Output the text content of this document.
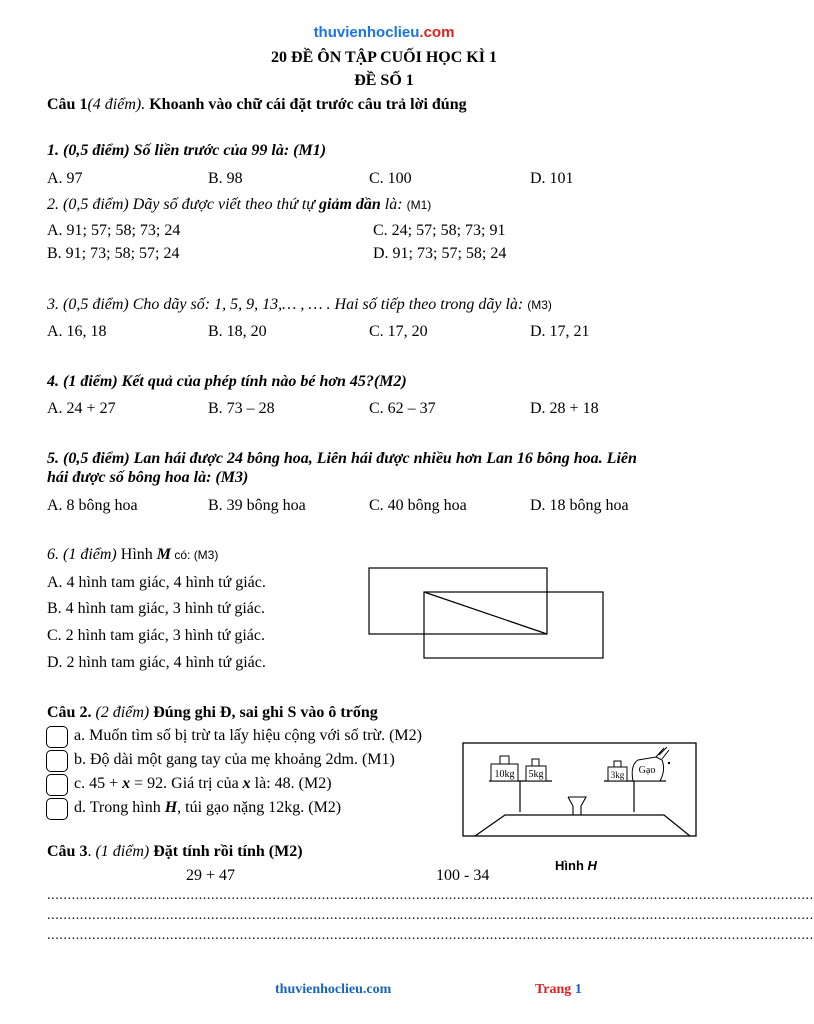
thuvienhoclieu.com
20 ĐỀ ÔN TẬP CUỐI HỌC KÌ 1
ĐỀ SỐ 1
Câu 1(4 điểm). Khoanh vào chữ cái đặt trước câu trả lời đúng
1. (0,5 điểm) Số liền trước của 99 là: (M1)
A. 97	B. 98	C. 100	D. 101
2. (0,5 điểm) Dãy số được viết theo thứ tự giảm dần là: (M1)
A. 91; 57; 58; 73; 24	C. 24; 57; 58; 73; 91
B. 91; 73; 58; 57; 24	D. 91; 73; 57; 58; 24
3. (0,5 điểm) Cho dãy số: 1, 5, 9, 13,… , … . Hai số tiếp theo trong dãy là: (M3)
A. 16, 18	B. 18, 20	C. 17, 20	D. 17, 21
4. (1 điểm) Kết quả của phép tính nào bé hơn 45?(M2)
A. 24 + 27	B. 73 – 28	C. 62 – 37	D. 28 + 18
5. (0,5 điểm) Lan hái được 24 bông hoa, Liên hái được nhiều hơn Lan 16 bông hoa. Liên
hái được số bông hoa là: (M3)
A. 8 bông hoa	B. 39 bông hoa	C. 40 bông hoa	D. 18 bông hoa
6. (1 điểm) Hình M có: (M3)
A. 4 hình tam giác, 4 hình tứ giác.
B. 4 hình tam giác, 3 hình tứ giác.
C. 2 hình tam giác, 3 hình tứ giác.
D. 2 hình tam giác, 4 hình tứ giác.
Câu 2. (2 điểm) Đúng ghi Đ, sai ghi S vào ô trống
a. Muốn tìm số bị trừ ta lấy hiệu cộng với số trừ. (M2)
b. Độ dài một gang tay của mẹ khoảng 2dm. (M1)
c. 45 + x = 92. Giá trị của x là: 48. (M2)
d. Trong hình H, túi gạo nặng 12kg. (M2)
10kg 5kg	3kg Gạo
Hình H
Câu 3. (1 điểm) Đặt tính rồi tính (M2)
29 + 47	100 - 34
...........................................................................................................................................................................................
...........................................................................................................................................................................................
...........................................................................................................................................................................................
thuvienhoclieu.com	Trang 1
